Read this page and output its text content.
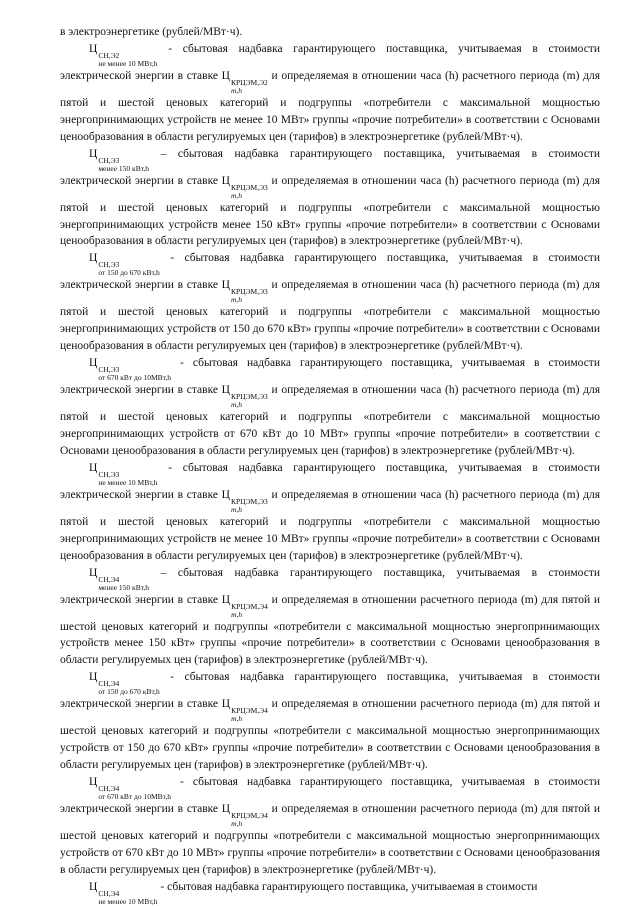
в электроэнергетике (рублей/МВт·ч).

Ц
СН,Э2
не менее 10 МВт,h
- сбытовая надбавка гарантирующего поставщика, учитываемая в стоимости электрической энергии в ставке Ц
КРЦЭМ,Э2
m,h
и определяемая в отношении часа (h) расчетного периода (m) для пятой и шестой ценовых категорий и подгруппы «потребители с максимальной мощностью энергопринимающих устройств не менее 10 МВт» группы «прочие потребители» в соответствии с Основами ценообразования в области регулируемых цен (тарифов) в электроэнергетике (рублей/МВт·ч).

Ц
СН,Э3
менее 150 кВт,h
– сбытовая надбавка гарантирующего поставщика, учитываемая в стоимости электрической энергии в ставке Ц
КРЦЭМ,Э3
m,h
и определяемая в отношении часа (h) расчетного периода (m) для пятой и шестой ценовых категорий и подгруппы «потребители с максимальной мощностью энергопринимающих устройств менее 150 кВт» группы «прочие потребители» в соответствии с Основами ценообразования в области регулируемых цен (тарифов) в электроэнергетике (рублей/МВт·ч).

Ц
СН,Э3
от 150 до 670 кВт,h
- сбытовая надбавка гарантирующего поставщика, учитываемая в стоимости электрической энергии в ставке Ц
КРЦЭМ,Э3
m,h
и определяемая в отношении часа (h) расчетного периода (m) для пятой и шестой ценовых категорий и подгруппы «потребители с максимальной мощностью энергопринимающих устройств от 150 до 670 кВт» группы «прочие потребители» в соответствии с Основами ценообразования в области регулируемых цен (тарифов) в электроэнергетике (рублей/МВт·ч).

Ц
СН,Э3
от 670 кВт до 10МВт,h
- сбытовая надбавка гарантирующего поставщика, учитываемая в стоимости электрической энергии в ставке Ц
КРЦЭМ,Э3
m,h
и определяемая в отношении часа (h) расчетного периода (m) для пятой и шестой ценовых категорий и подгруппы «потребители с максимальной мощностью энергопринимающих устройств от 670 кВт до 10 МВт» группы «прочие потребители» в соответствии с Основами ценообразования в области регулируемых цен (тарифов) в электроэнергетике (рублей/МВт·ч).

Ц
СН,Э3
не менее 10 МВт,h
- сбытовая надбавка гарантирующего поставщика, учитываемая в стоимости электрической энергии в ставке Ц
КРЦЭМ,Э3
m,h
и определяемая в отношении часа (h) расчетного периода (m) для пятой и шестой ценовых категорий и подгруппы «потребители с максимальной мощностью энергопринимающих устройств не менее 10 МВт» группы «прочие потребители» в соответствии с Основами ценообразования в области регулируемых цен (тарифов) в электроэнергетике (рублей/МВт·ч).

Ц
СН,Э4
менее 150 кВт,h
– сбытовая надбавка гарантирующего поставщика, учитываемая в стоимости электрической энергии в ставке Ц
КРЦЭМ,Э4
m,h
и определяемая в отношении расчетного периода (m) для пятой и шестой ценовых категорий и подгруппы «потребители с максимальной мощностью энергопринимающих устройств менее 150 кВт» группы «прочие потребители» в соответствии с Основами ценообразования в области регулируемых цен (тарифов) в электроэнергетике (рублей/МВт·ч).

Ц
СН,Э4
от 150 до 670 кВт,h
- сбытовая надбавка гарантирующего поставщика, учитываемая в стоимости электрической энергии в ставке Ц
КРЦЭМ,Э4
m,h
и определяемая в отношении расчетного периода (m) для пятой и шестой ценовых категорий и подгруппы «потребители с максимальной мощностью энергопринимающих устройств от 150 до 670 кВт» группы «прочие потребители» в соответствии с Основами ценообразования в области регулируемых цен (тарифов) в электроэнергетике (рублей/МВт·ч).

Ц
СН,Э4
от 670 кВт до 10МВт,h
- сбытовая надбавка гарантирующего поставщика, учитываемая в стоимости электрической энергии в ставке Ц
КРЦЭМ,Э4
m,h
и определяемая в отношении расчетного периода (m) для пятой и шестой ценовых категорий и подгруппы «потребители с максимальной мощностью энергопринимающих устройств от 670 кВт до 10 МВт» группы «прочие потребители» в соответствии с Основами ценообразования в области регулируемых цен (тарифов) в электроэнергетике (рублей/МВт·ч).

Ц
СН,Э4
не менее 10 МВт,h
- сбытовая надбавка гарантирующего поставщика, учитываемая в стоимости
